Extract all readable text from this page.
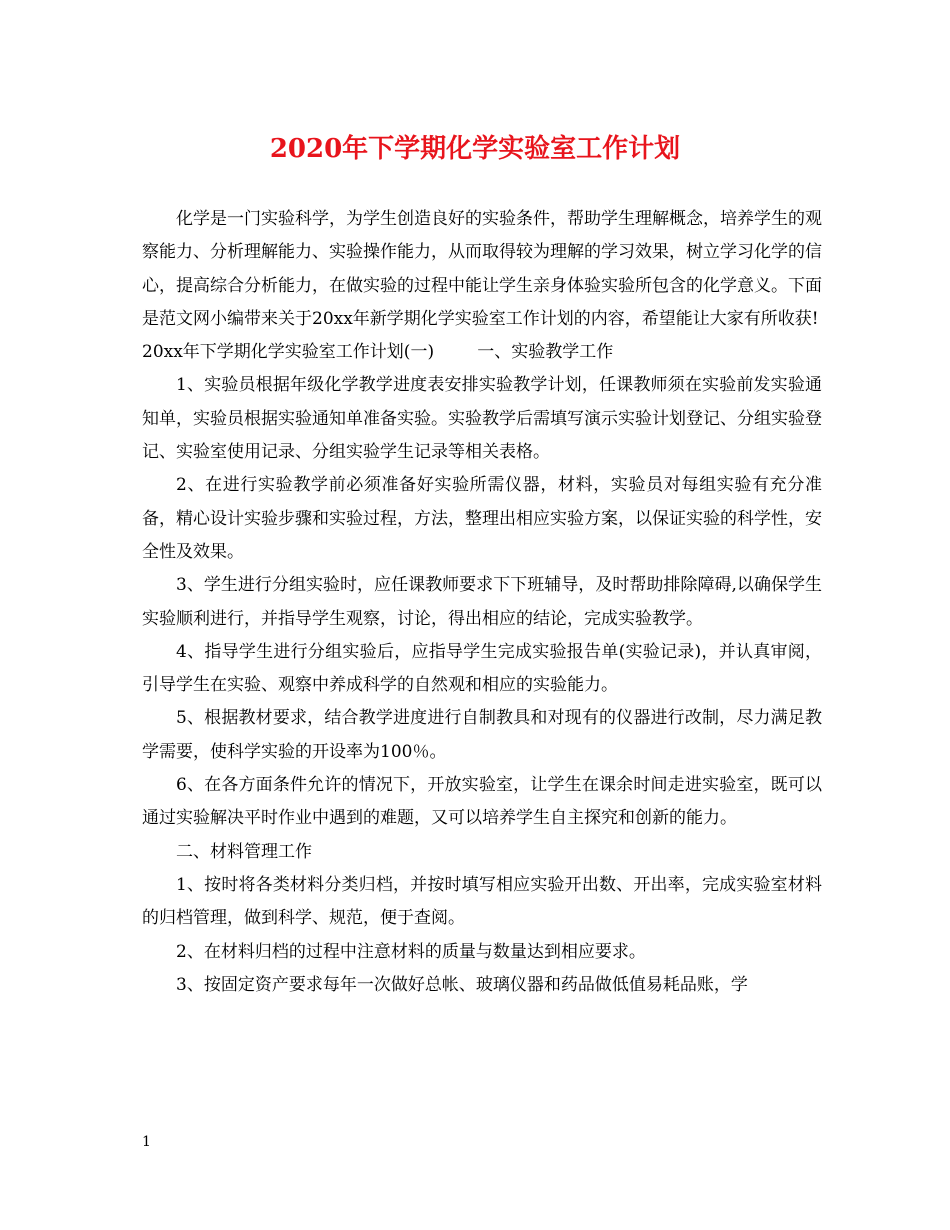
2020年下学期化学实验室工作计划

化学是一门实验科学，为学生创造良好的实验条件，帮助学生理解概念，培养学生的观察能力、分析理解能力、实验操作能力，从而取得较为理解的学习效果，树立学习化学的信心，提高综合分析能力，在做实验的过程中能让学生亲身体验实验所包含的化学意义。下面是范文网小编带来关于20xx年新学期化学实验室工作计划的内容，希望能让大家有所收获!

20xx年下学期化学实验室工作计划(一)        一、实验教学工作

1、实验员根据年级化学教学进度表安排实验教学计划，任课教师须在实验前发实验通知单，实验员根据实验通知单准备实验。实验教学后需填写演示实验计划登记、分组实验登记、实验室使用记录、分组实验学生记录等相关表格。

2、在进行实验教学前必须准备好实验所需仪器，材料，实验员对每组实验有充分准备，精心设计实验步骤和实验过程，方法，整理出相应实验方案，以保证实验的科学性，安全性及效果。

3、学生进行分组实验时，应任课教师要求下下班辅导，及时帮助排除障碍,以确保学生实验顺利进行，并指导学生观察，讨论，得出相应的结论，完成实验教学。

4、指导学生进行分组实验后，应指导学生完成实验报告单(实验记录)，并认真审阅，引导学生在实验、观察中养成科学的自然观和相应的实验能力。

5、根据教材要求，结合教学进度进行自制教具和对现有的仪器进行改制，尽力满足教学需要，使科学实验的开设率为100％。

6、在各方面条件允许的情况下，开放实验室，让学生在课余时间走进实验室，既可以通过实验解决平时作业中遇到的难题，又可以培养学生自主探究和创新的能力。

二、材料管理工作

1、按时将各类材料分类归档，并按时填写相应实验开出数、开出率，完成实验室材料的归档管理，做到科学、规范，便于查阅。

2、在材料归档的过程中注意材料的质量与数量达到相应要求。

3、按固定资产要求每年一次做好总帐、玻璃仪器和药品做低值易耗品账，学

1
